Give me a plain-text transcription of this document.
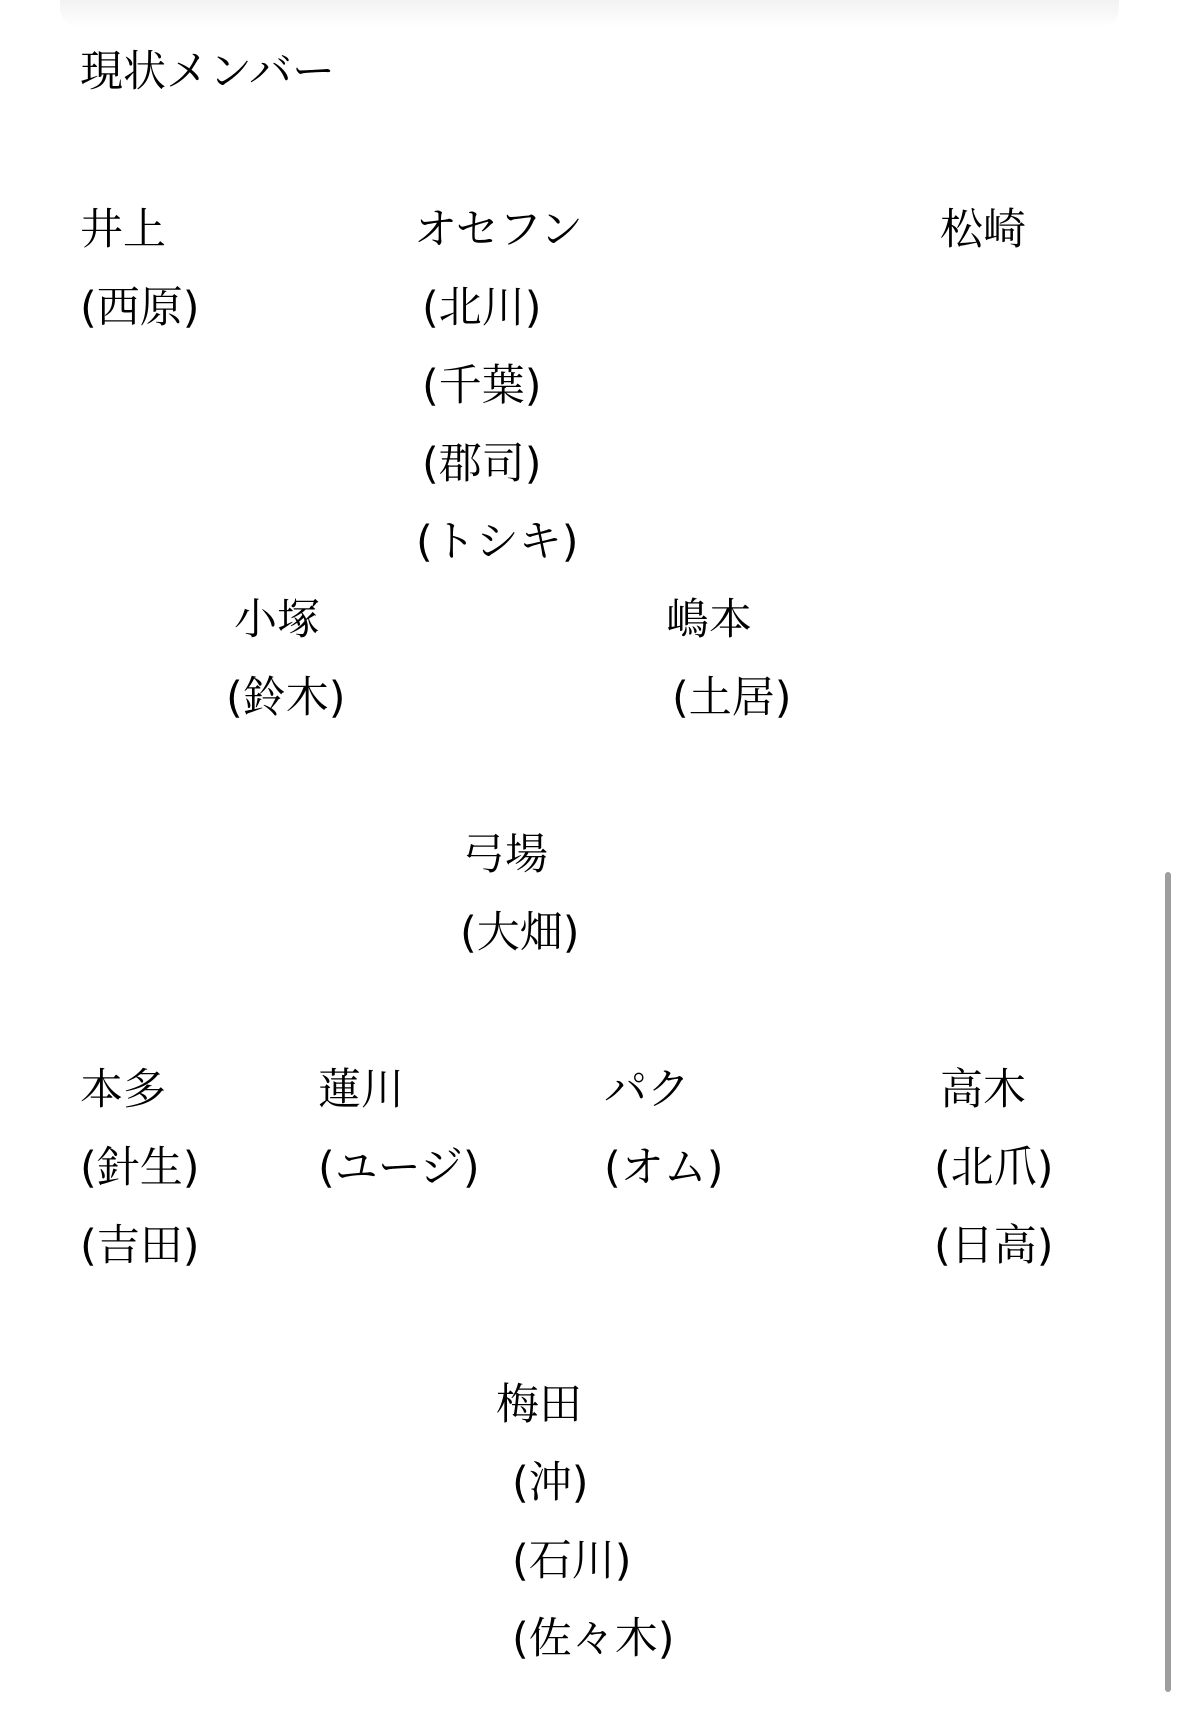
現状メンバー
井上
(西原)
オセフン
(北川)
(千葉)
(郡司)
(トシキ)
松崎
小塚
(鈴木)
嶋本
(土居)
弓場
(大畑)
本多
(針生)
(吉田)
蓮川
(ユージ)
パク
(オム)
高木
(北爪)
(日高)
梅田
(沖)
(石川)
(佐々木)
